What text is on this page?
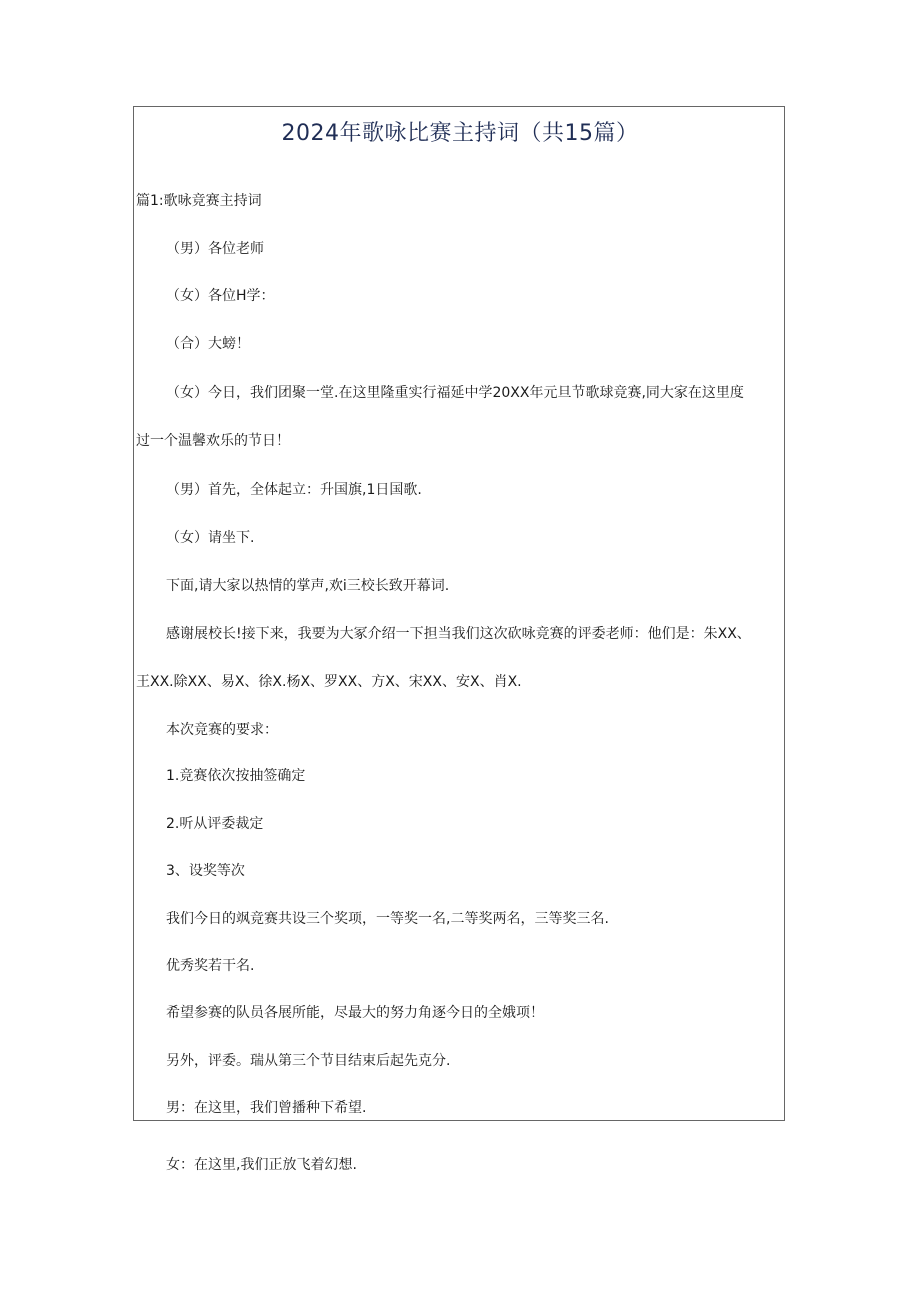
2024年歌咏比赛主持词（共15篇）
篇1:歌咏竞赛主持词
（男）各位老师
（女）各位H学：
（合）大螃！
（女）今日，我们团聚一堂.在这里隆重实行福延中学20XX年元旦节歌球竞赛,同大家在这里度
过一个温馨欢乐的节日！
（男）首先，全体起立：升国旗,1日国歌.
（女）请坐下.
下面,请大家以热情的掌声,欢i三校长致开幕词.
感谢展校长!接下来，我要为大冢介绍一下担当我们这次砍咏竞赛的评委老师：他们是：朱XX、
王XX.除XX、易X、徐X.杨X、罗XX、方X、宋XX、安X、肖X.
本次竞赛的要求：
1.竞赛依次按抽签确定
2.听从评委裁定
3、设奖等次
我们今日的飒竞赛共设三个奖项，一等奖一名,二等奖两名，三等奖三名.
优秀奖若干名.
希望参赛的队员各展所能，尽最大的努力角逐今日的全娥项！
另外，评委。瑞从第三个节目结束后起先克分.
男：在这里，我们曾播种下希望.
女：在这里,我们正放飞着幻想.
